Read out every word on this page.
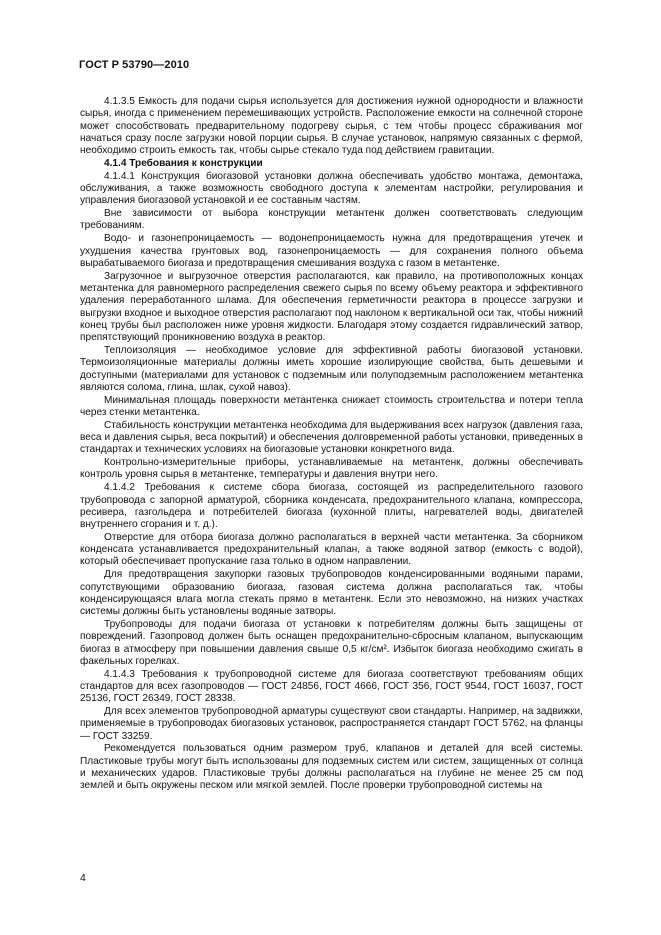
ГОСТ Р 53790—2010

4.1.3.5 Емкость для подачи сырья используется для достижения нужной однородности и влажности сырья, иногда с применением перемешивающих устройств. Расположение емкости на солнечной стороне может способствовать предварительному подогреву сырья, с тем чтобы процесс сбраживания мог начаться сразу после загрузки новой порции сырья. В случае установок, напрямую связанных с фермой, необходимо строить емкость так, чтобы сырье стекало туда под действием гравитации.

4.1.4 Требования к конструкции

4.1.4.1 Конструкция биогазовой установки должна обеспечивать удобство монтажа, демонтажа, обслуживания, а также возможность свободного доступа к элементам настройки, регулирования и управления биогазовой установкой и ее составным частям.

Вне зависимости от выбора конструкции метантенк должен соответствовать следующим требованиям.

Водо- и газонепроницаемость — водонепроницаемость нужна для предотвращения утечек и ухудшения качества грунтовых вод, газонепроницаемость — для сохранения полного объема вырабатываемого биогаза и предотвращения смешивания воздуха с газом в метантенке.

Загрузочное и выгрузочное отверстия располагаются, как правило, на противоположных концах метантенка для равномерного распределения свежего сырья по всему объему реактора и эффективного удаления переработанного шлама. Для обеспечения герметичности реактора в процессе загрузки и выгрузки входное и выходное отверстия располагают под наклоном к вертикальной оси так, чтобы нижний конец трубы был расположен ниже уровня жидкости. Благодаря этому создается гидравлический затвор, препятствующий проникновению воздуха в реактор.

Теплоизоляция — необходимое условие для эффективной работы биогазовой установки. Термоизоляционные материалы должны иметь хорошие изолирующие свойства, быть дешевыми и доступными (материалами для установок с подземным или полуподземным расположением метантенка являются солома, глина, шлак, сухой навоз).

Минимальная площадь поверхности метантенка снижает стоимость строительства и потери тепла через стенки метантенка.

Стабильность конструкции метантенка необходима для выдерживания всех нагрузок (давления газа, веса и давления сырья, веса покрытий) и обеспечения долговременной работы установки, приведенных в стандартах и технических условиях на биогазовые установки конкретного вида.

Контрольно-измерительные приборы, устанавливаемые на метантенк, должны обеспечивать контроль уровня сырья в метантенке, температуры и давления внутри него.

4.1.4.2 Требования к системе сбора биогаза, состоящей из распределительного газового трубопровода с запорной арматурой, сборника конденсата, предохранительного клапана, компрессора, ресивера, газгольдера и потребителей биогаза (кухонной плиты, нагревателей воды, двигателей внутреннего сгорания и т. д.).

Отверстие для отбора биогаза должно располагаться в верхней части метантенка. За сборником конденсата устанавливается предохранительный клапан, а также водяной затвор (емкость с водой), который обеспечивает пропускание газа только в одном направлении.

Для предотвращения закупорки газовых трубопроводов конденсированными водяными парами, сопутствующими образованию биогаза, газовая система должна располагаться так, чтобы конденсирующаяся влага могла стекать прямо в метантенк. Если это невозможно, на низких участках системы должны быть установлены водяные затворы.

Трубопроводы для подачи биогаза от установки к потребителям должны быть защищены от повреждений. Газопровод должен быть оснащен предохранительно-сбросным клапаном, выпускающим биогаз в атмосферу при повышении давления свыше 0,5 кг/см². Избыток биогаза необходимо сжигать в факельных горелках.

4.1.4.3 Требования к трубопроводной системе для биогаза соответствуют требованиям общих стандартов для всех газопроводов — ГОСТ 24856, ГОСТ 4666, ГОСТ 356, ГОСТ 9544, ГОСТ 16037, ГОСТ 25136, ГОСТ 26349, ГОСТ 28338.

Для всех элементов трубопроводной арматуры существуют свои стандарты. Например, на задвижки, применяемые в трубопроводах биогазовых установок, распространяется стандарт ГОСТ 5762, на фланцы — ГОСТ 33259.

Рекомендуется пользоваться одним размером труб, клапанов и деталей для всей системы. Пластиковые трубы могут быть использованы для подземных систем или систем, защищенных от солнца и механических ударов. Пластиковые трубы должны располагаться на глубине не менее 25 см под землей и быть окружены песком или мягкой землей. После проверки трубопроводной системы на

4
